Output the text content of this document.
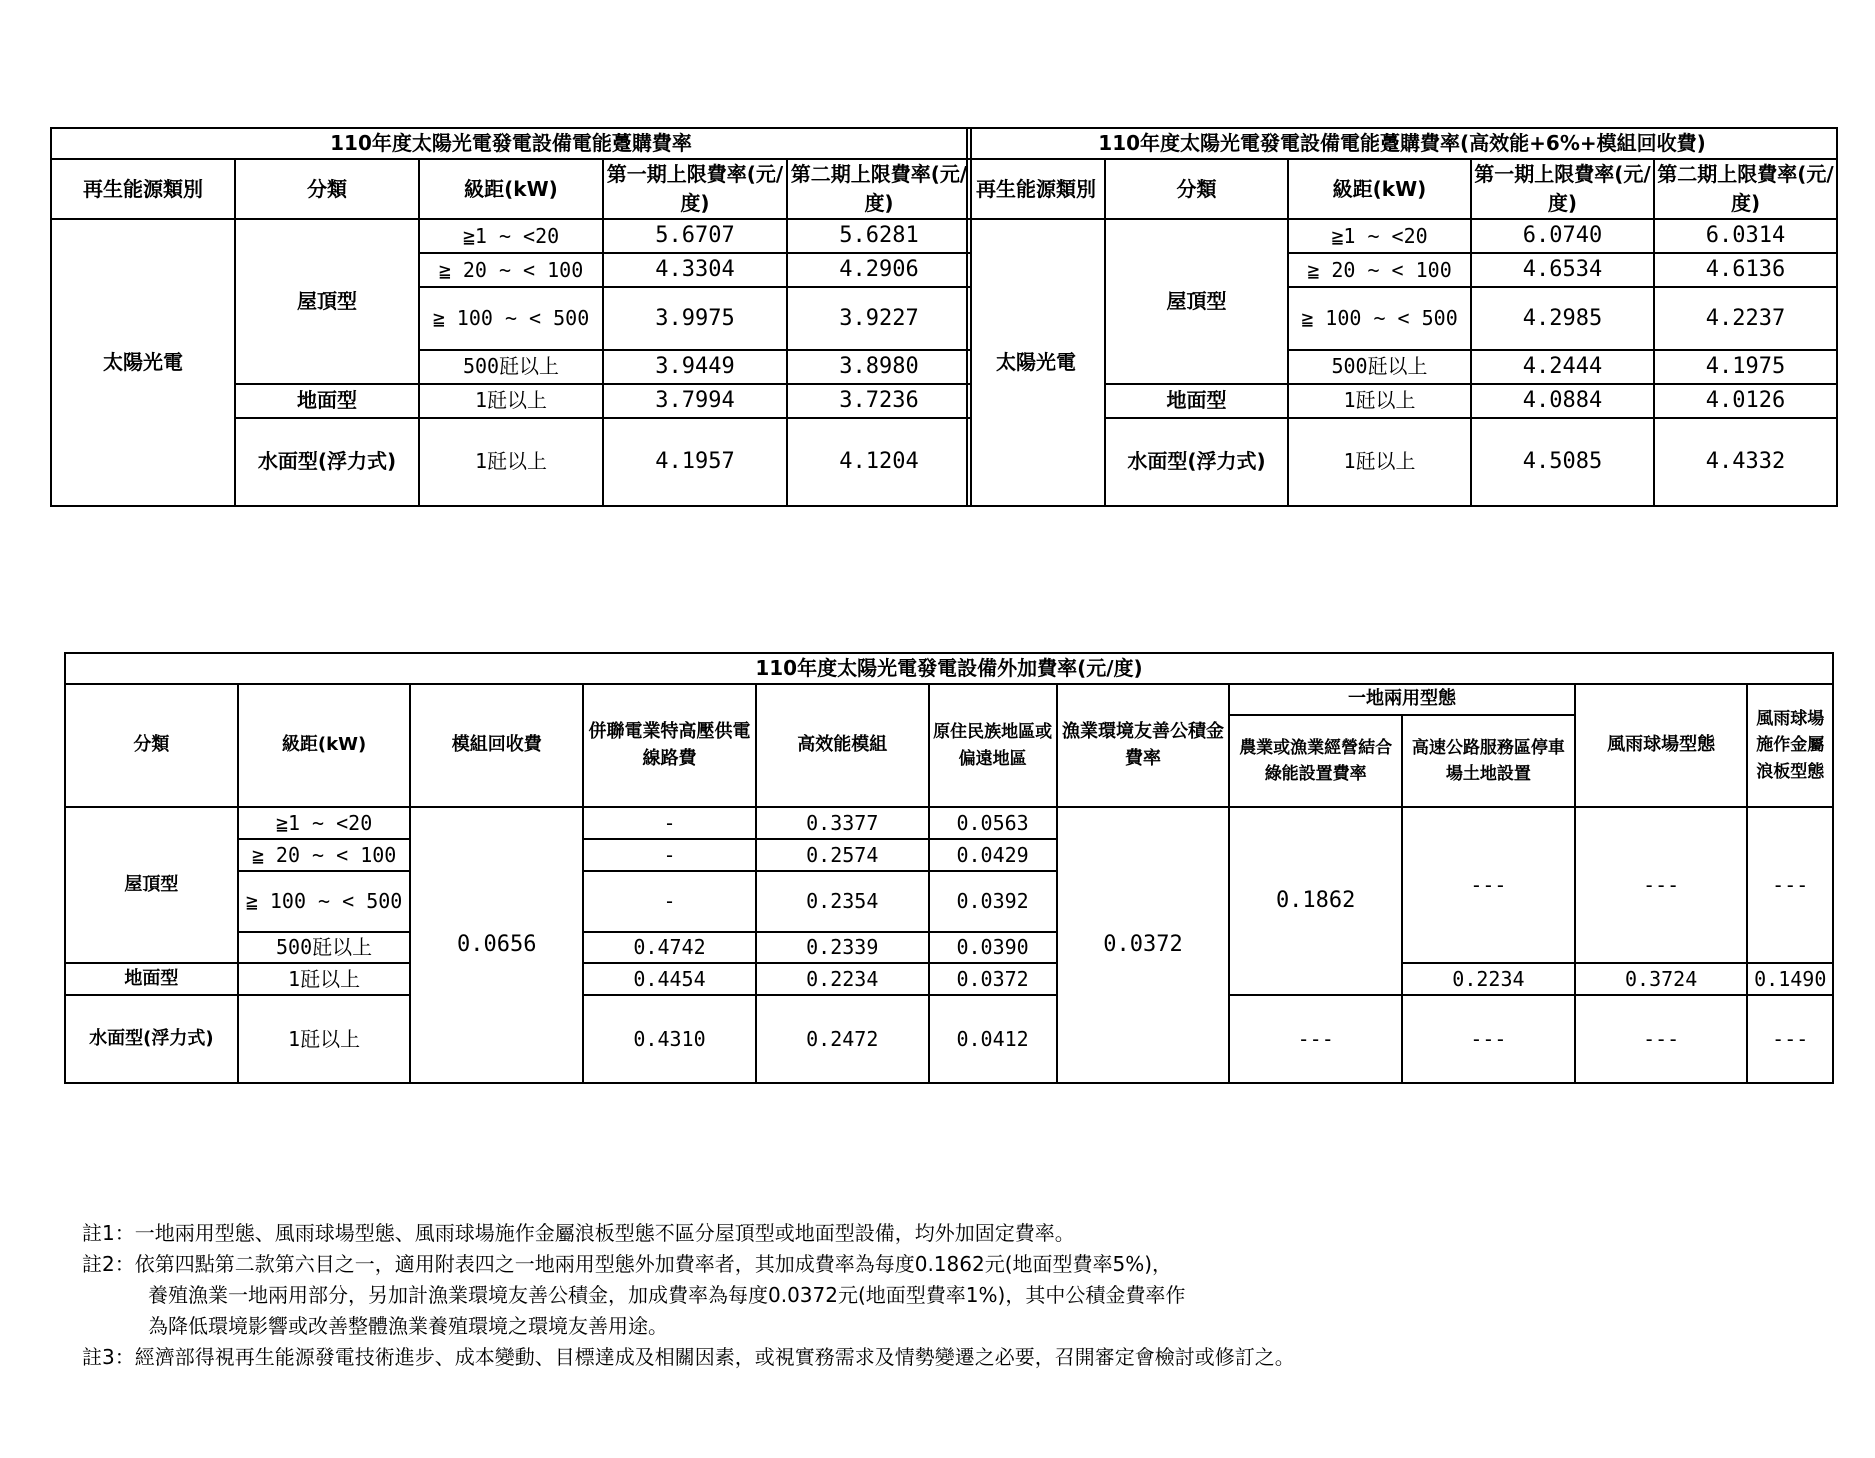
110年度太陽光電發電設備電能躉購費率				
再生能源類別	分類	級距(kW)	第一期上限費率(元/度)	第二期上限費率(元/度)
太陽光電	屋頂型	≧1 ~ <20	5.6707	5.6281
		≧ 20 ~ < 100	4.3304	4.2906
		≧ 100 ~ < 500	3.9975	3.9227
		500瓩以上	3.9449	3.8980
	地面型	1瓩以上	3.7994	3.7236
	水面型(浮力式)	1瓩以上	4.1957	4.1204
110年度太陽光電發電設備電能躉購費率(高效能+6%+模組回收費)				
再生能源類別	分類	級距(kW)	第一期上限費率(元/度)	第二期上限費率(元/度)
太陽光電	屋頂型	≧1 ~ <20	6.0740	6.0314
		≧ 20 ~ < 100	4.6534	4.6136
		≧ 100 ~ < 500	4.2985	4.2237
		500瓩以上	4.2444	4.1975
	地面型	1瓩以上	4.0884	4.0126
	水面型(浮力式)	1瓩以上	4.5085	4.4332
110年度太陽光電發電設備外加費率(元/度)										
分類	級距(kW)	模組回收費	併聯電業特高壓供電線路費	高效能模組	原住民族地區或偏遠地區	漁業環境友善公積金費率	一地兩用型態		風雨球場型態	風雨球場施作金屬浪板型態
							農業或漁業經營結合綠能設置費率	高速公路服務區停車場土地設置		
屋頂型	≧1 ~ <20	0.0656	-	0.3377	0.0563	0.0372	0.1862	---	---	---
	≧ 20 ~ < 100		-	0.2574	0.0429					
	≧ 100 ~ < 500		-	0.2354	0.0392					
	500瓩以上		0.4742	0.2339	0.0390					
地面型	1瓩以上		0.4454	0.2234	0.0372			0.2234	0.3724	0.1490
水面型(浮力式)	1瓩以上		0.4310	0.2472	0.0412		---	---	---	---
註1：一地兩用型態、風雨球場型態、風雨球場施作金屬浪板型態不區分屋頂型或地面型設備，均外加固定費率。
註2：依第四點第二款第六目之一，適用附表四之一地兩用型態外加費率者，其加成費率為每度0.1862元(地面型費率5%)，
養殖漁業一地兩用部分，另加計漁業環境友善公積金，加成費率為每度0.0372元(地面型費率1%)，其中公積金費率作
為降低環境影響或改善整體漁業養殖環境之環境友善用途。
註3：經濟部得視再生能源發電技術進步、成本變動、目標達成及相關因素，或視實務需求及情勢變遷之必要，召開審定會檢討或修訂之。
